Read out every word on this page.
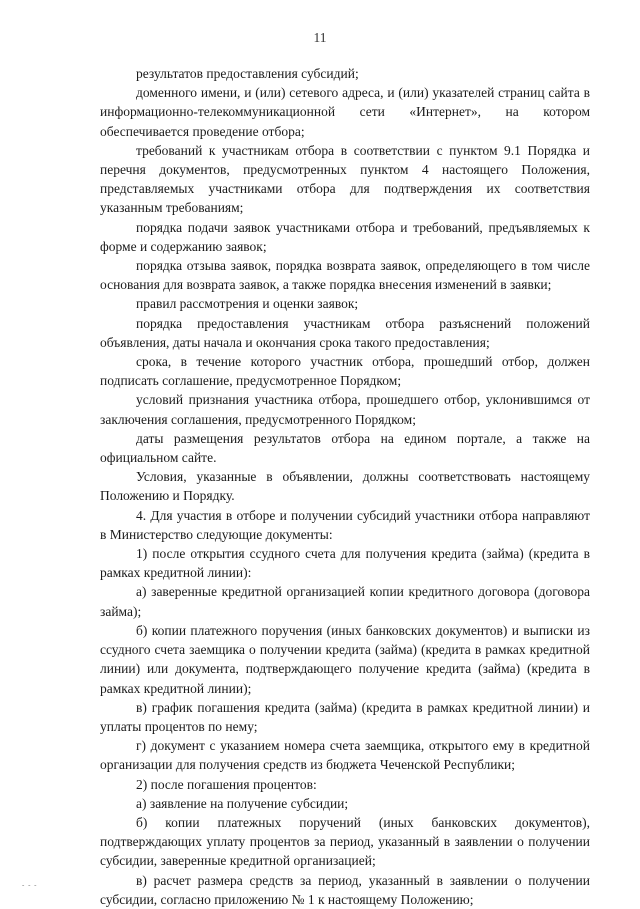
11

результатов предоставления субсидий;

доменного имени, и (или) сетевого адреса, и (или) указателей страниц сайта в информационно-телекоммуникационной сети «Интернет», на котором обеспечивается проведение отбора;

требований к участникам отбора в соответствии с пунктом 9.1 Порядка и перечня документов, предусмотренных пунктом 4 настоящего Положения, представляемых участниками отбора для подтверждения их соответствия указанным требованиям;

порядка подачи заявок участниками отбора и требований, предъявляемых к форме и содержанию заявок;

порядка отзыва заявок, порядка возврата заявок, определяющего в том числе основания для возврата заявок, а также порядка внесения изменений в заявки;

правил рассмотрения и оценки заявок;

порядка предоставления участникам отбора разъяснений положений объявления, даты начала и окончания срока такого предоставления;

срока, в течение которого участник отбора, прошедший отбор, должен подписать соглашение, предусмотренное Порядком;

условий признания участника отбора, прошедшего отбор, уклонившимся от заключения соглашения, предусмотренного Порядком;

даты размещения результатов отбора на едином портале, а также на официальном сайте.

Условия, указанные в объявлении, должны соответствовать настоящему Положению и Порядку.

4. Для участия в отборе и получении субсидий участники отбора направляют в Министерство следующие документы:

1) после открытия ссудного счета для получения кредита (займа) (кредита в рамках кредитной линии):

а) заверенные кредитной организацией копии кредитного договора (договора займа);

б) копии платежного поручения (иных банковских документов) и выписки из ссудного счета заемщика о получении кредита (займа) (кредита в рамках кредитной линии) или документа, подтверждающего получение кредита (займа) (кредита в рамках кредитной линии);

в) график погашения кредита (займа) (кредита в рамках кредитной линии) и уплаты процентов по нему;

г) документ с указанием номера счета заемщика, открытого ему в кредитной организации для получения средств из бюджета Чеченской Республики;

2) после погашения процентов:

а) заявление на получение субсидии;

б) копии платежных поручений (иных банковских документов), подтверждающих уплату процентов за период, указанный в заявлении о получении субсидии, заверенные кредитной организацией;

в) расчет размера средств за период, указанный в заявлении о получении субсидии, согласно приложению № 1 к настоящему Положению;

- - -
